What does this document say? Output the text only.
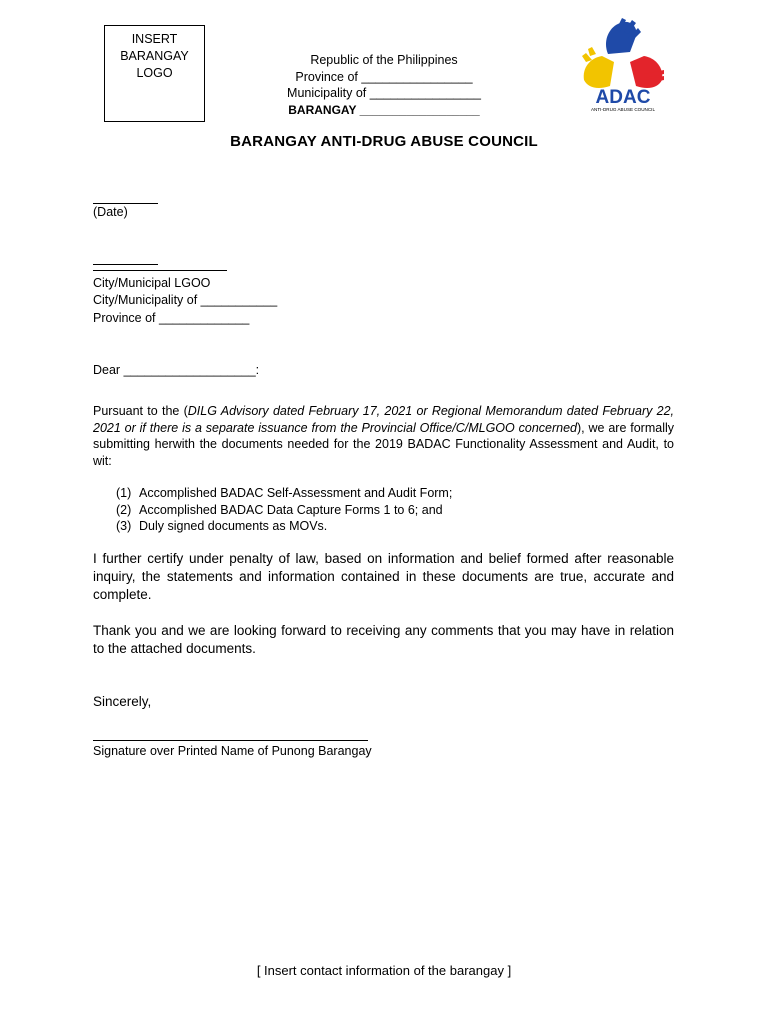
INSERT
BARANGAY
LOGO
Republic of the Philippines
Province of ________________
Municipality of ________________
BARANGAY __________________
ADAC
ANTI-DRUG ABUSE COUNCIL
BARANGAY ANTI-DRUG ABUSE COUNCIL
(Date)
City/Municipal LGOO
City/Municipality of ___________
Province of _____________
Dear ___________________:
Pursuant to the (DILG Advisory dated February 17, 2021 or Regional Memorandum dated February 22, 2021 or if there is a separate issuance from the Provincial Office/C/MLGOO concerned), we are formally submitting herwith the documents needed for the 2019 BADAC Functionality Assessment and Audit, to wit:
(1) Accomplished BADAC Self-Assessment and Audit Form;
(2) Accomplished BADAC Data Capture Forms 1 to 6; and
(3) Duly signed documents as MOVs.
I further certify under penalty of law, based on information and belief formed after reasonable inquiry, the statements and information contained in these documents are true, accurate and complete.
Thank you and we are looking forward to receiving any comments that you may have in relation to the attached documents.
Sincerely,
Signature over Printed Name of Punong Barangay
[ Insert contact information of the barangay ]
